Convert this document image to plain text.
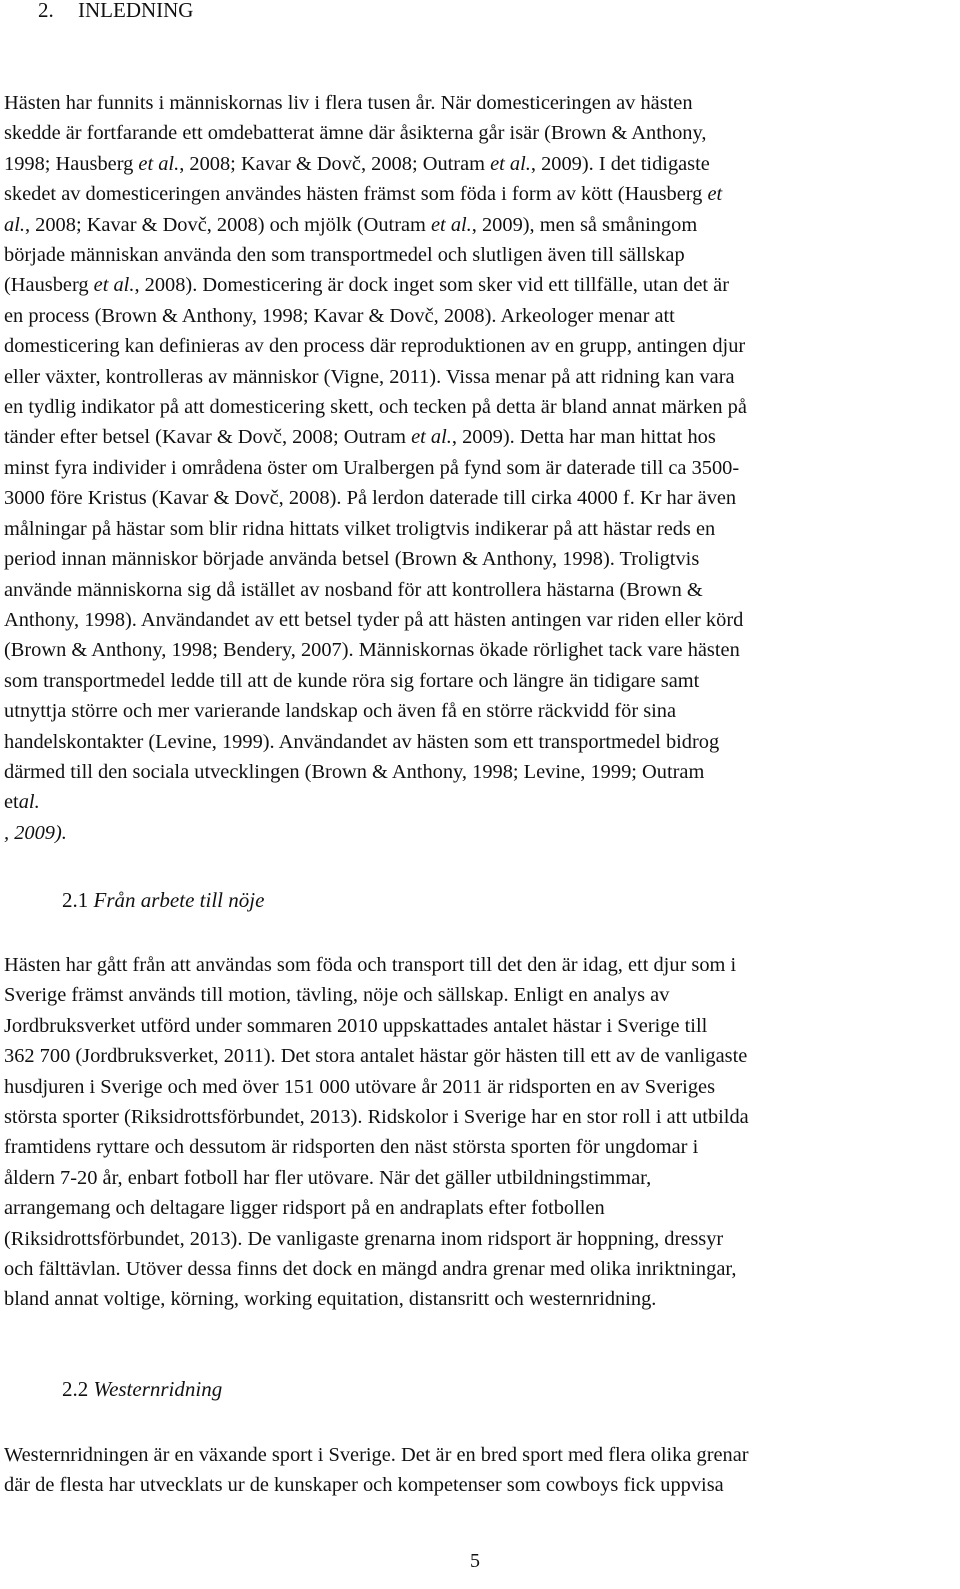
2. INLEDNING

Hästen har funnits i människornas liv i flera tusen år. När domesticeringen av hästen
skedde är fortfarande ett omdebatterat ämne där åsikterna går isär (Brown & Anthony,
1998; Hausberg et al., 2008; Kavar & Dovč, 2008; Outram et al., 2009). I det tidigaste
skedet av domesticeringen användes hästen främst som föda i form av kött (Hausberg et
al., 2008; Kavar & Dovč, 2008) och mjölk (Outram et al., 2009), men så småningom
började människan använda den som transportmedel och slutligen även till sällskap
(Hausberg et al., 2008). Domesticering är dock inget som sker vid ett tillfälle, utan det är
en process (Brown & Anthony, 1998; Kavar & Dovč, 2008). Arkeologer menar att
domesticering kan definieras av den process där reproduktionen av en grupp, antingen djur
eller växter, kontrolleras av människor (Vigne, 2011). Vissa menar på att ridning kan vara
en tydlig indikator på att domesticering skett, och tecken på detta är bland annat märken på
tänder efter betsel (Kavar & Dovč, 2008; Outram et al., 2009). Detta har man hittat hos
minst fyra individer i områdena öster om Uralbergen på fynd som är daterade till ca 3500-
3000 före Kristus (Kavar & Dovč, 2008). På lerdon daterade till cirka 4000 f. Kr har även
målningar på hästar som blir ridna hittats vilket troligtvis indikerar på att hästar reds en
period innan människor började använda betsel (Brown & Anthony, 1998). Troligtvis
använde människorna sig då istället av nosband för att kontrollera hästarna (Brown &
Anthony, 1998). Användandet av ett betsel tyder på att hästen antingen var riden eller körd
(Brown & Anthony, 1998; Bendery, 2007). Människornas ökade rörlighet tack vare hästen
som transportmedel ledde till att de kunde röra sig fortare och längre än tidigare samt
utnyttja större och mer varierande landskap och även få en större räckvidd för sina
handelskontakter (Levine, 1999). Användandet av hästen som ett transportmedel bidrog
därmed till den sociala utvecklingen (Brown & Anthony, 1998; Levine, 1999; Outram
etal.
, 2009).

2.1 Från arbete till nöje

Hästen har gått från att användas som föda och transport till det den är idag, ett djur som i
Sverige främst används till motion, tävling, nöje och sällskap. Enligt en analys av
Jordbruksverket utförd under sommaren 2010 uppskattades antalet hästar i Sverige till
362 700 (Jordbruksverket, 2011). Det stora antalet hästar gör hästen till ett av de vanligaste
husdjuren i Sverige och med över 151 000 utövare år 2011 är ridsporten en av Sveriges
största sporter (Riksidrottsförbundet, 2013). Ridskolor i Sverige har en stor roll i att utbilda
framtidens ryttare och dessutom är ridsporten den näst största sporten för ungdomar i
åldern 7-20 år, enbart fotboll har fler utövare. När det gäller utbildningstimmar,
arrangemang och deltagare ligger ridsport på en andraplats efter fotbollen
(Riksidrottsförbundet, 2013). De vanligaste grenarna inom ridsport är hoppning, dressyr
och fälttävlan. Utöver dessa finns det dock en mängd andra grenar med olika inriktningar,
bland annat voltige, körning, working equitation, distansritt och westernridning.

2.2 Westernridning

Westernridningen är en växande sport i Sverige. Det är en bred sport med flera olika grenar
där de flesta har utvecklats ur de kunskaper och kompetenser som cowboys fick uppvisa

5
